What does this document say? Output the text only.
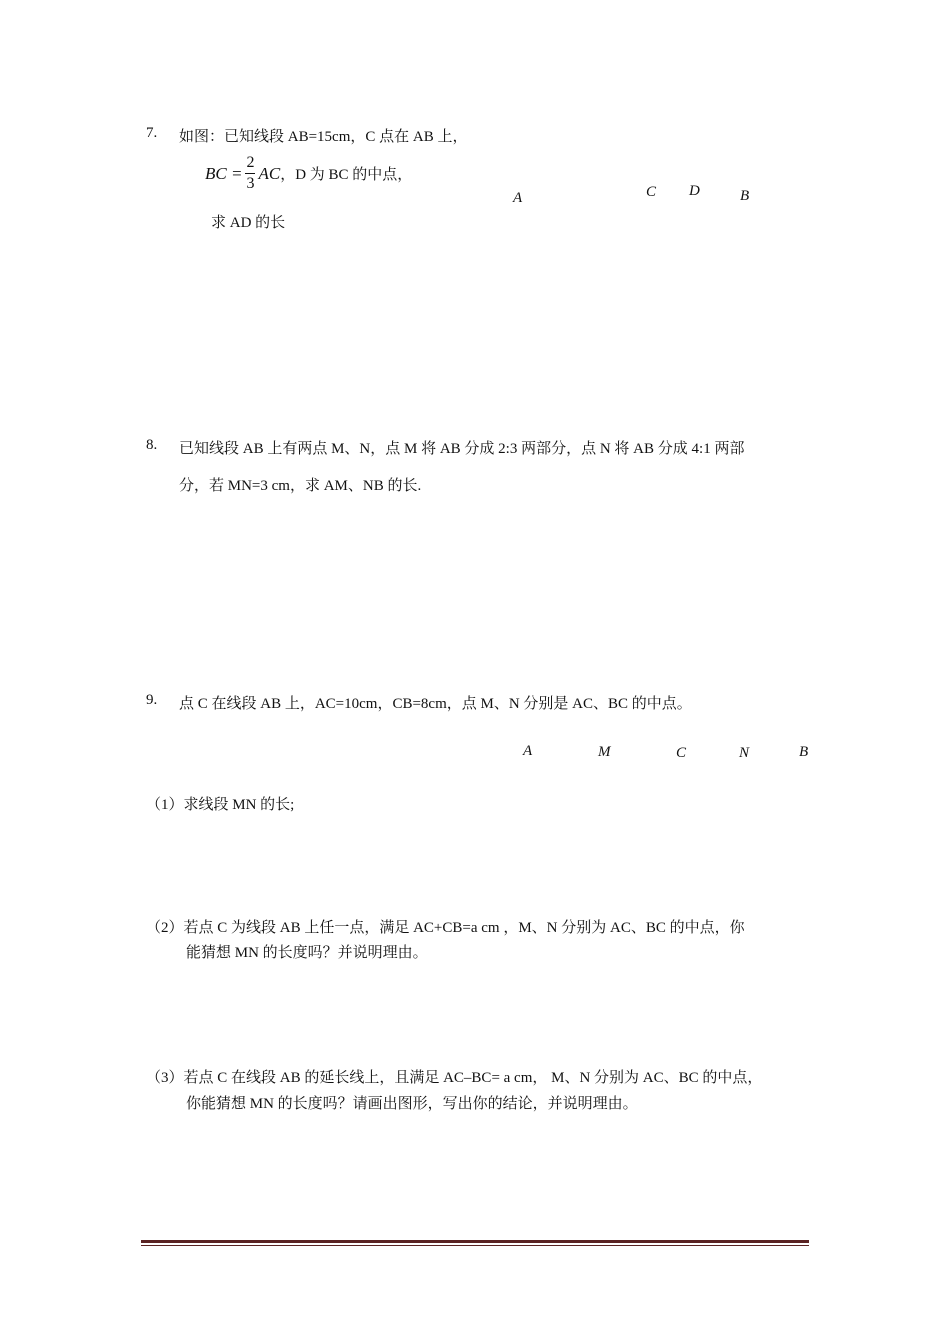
7. 如图：已知线段 AB=15cm，C 点在 AB 上，
BC = $\frac{2}{3}$ AC ，D 为 BC 的中点，
求 AD 的长
A	C D	B
8. 已知线段 AB 上有两点 M、N，点 M 将 AB 分成 2:3 两部分，点 N 将 AB 分成 4:1 两部
分，若 MN=3 cm，求 AM、NB 的长.
9. 点 C 在线段 AB 上，AC=10cm，CB=8cm，点 M、N 分别是 AC、BC 的中点。
A	M	C	N	B
（1）求线段 MN 的长;
（2）若点 C 为线段 AB 上任一点，满足 AC+CB=a cm ，M、N 分别为 AC、BC 的中点，你
能猜想 MN 的长度吗？并说明理由。
（3）若点 C 在线段 AB 的延长线上，且满足 AC–BC= a cm， M、N 分别为 AC、BC 的中点，
你能猜想 MN 的长度吗？请画出图形，写出你的结论，并说明理由。
